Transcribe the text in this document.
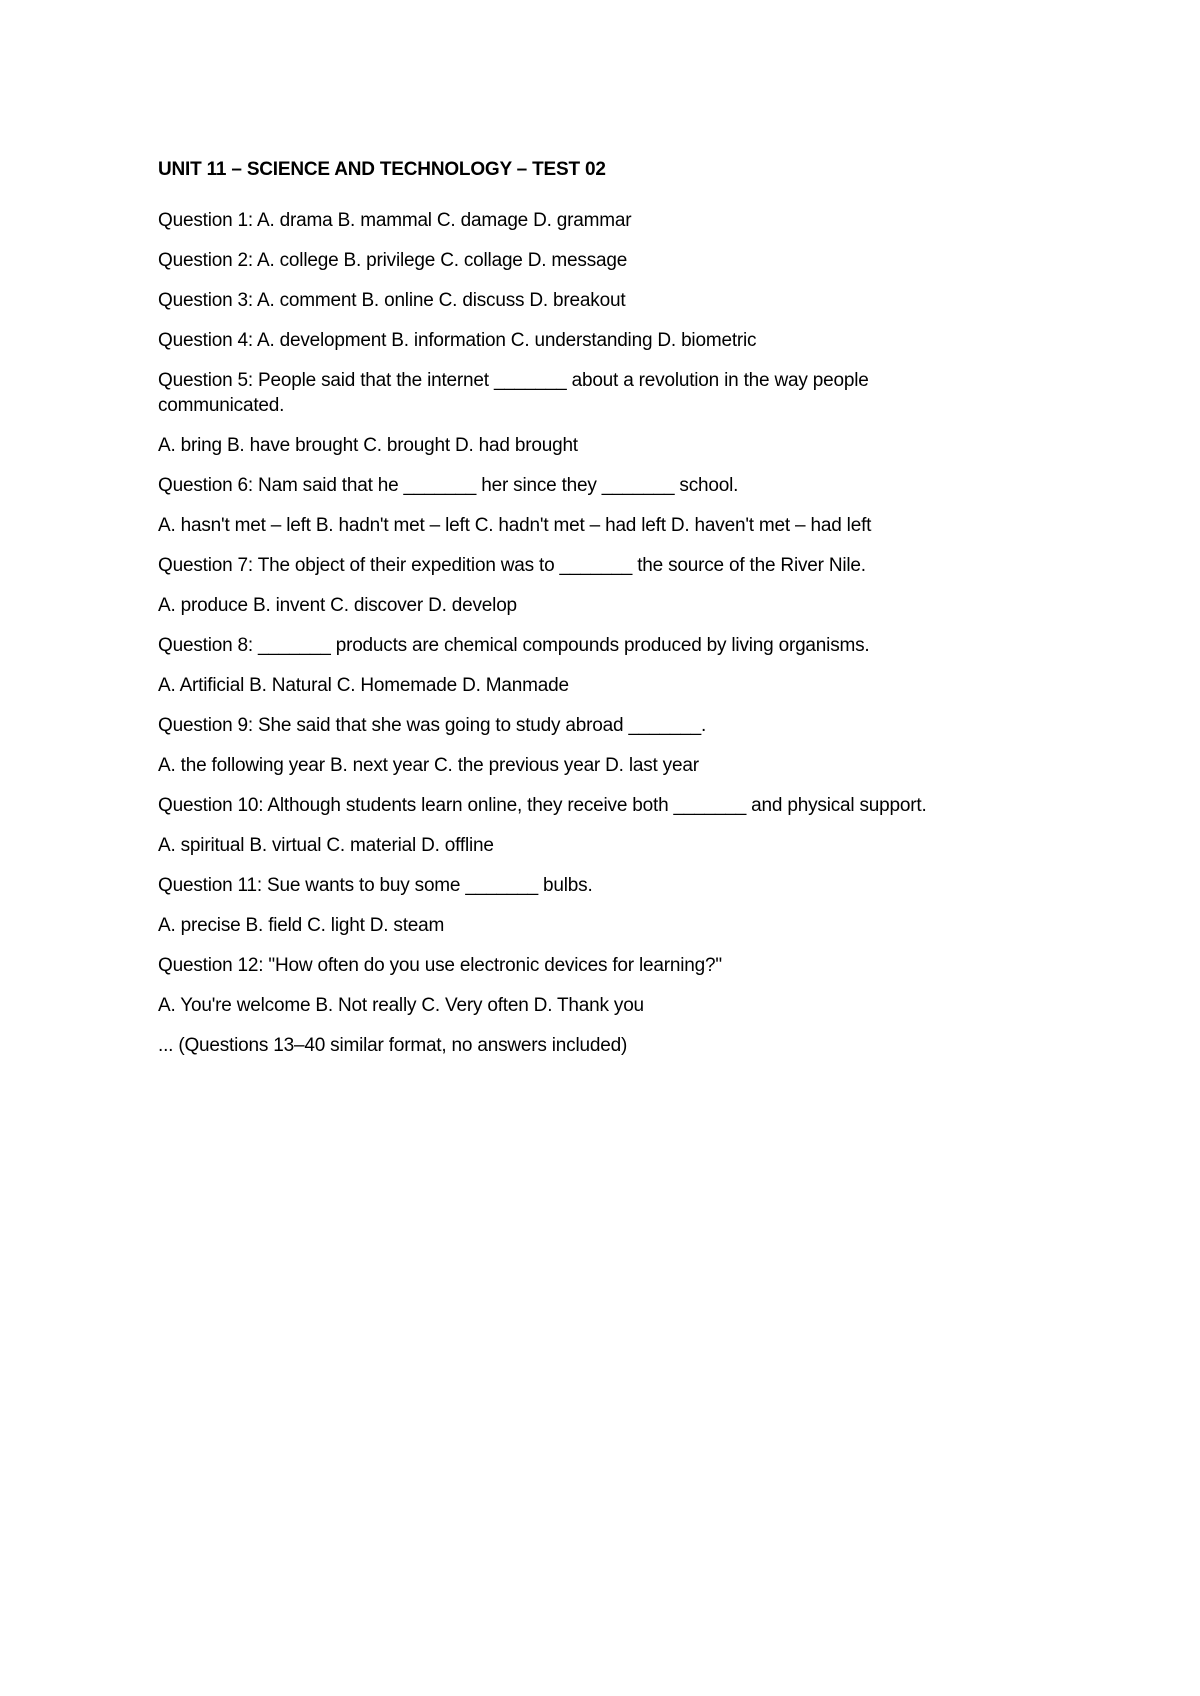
UNIT 11 – SCIENCE AND TECHNOLOGY – TEST 02
Question 1: A. drama B. mammal C. damage D. grammar
Question 2: A. college B. privilege C. collage D. message
Question 3: A. comment B. online C. discuss D. breakout
Question 4: A. development B. information C. understanding D. biometric
Question 5: People said that the internet _______ about a revolution in the way people communicated.
A. bring B. have brought C. brought D. had brought
Question 6: Nam said that he _______ her since they _______ school.
A. hasn't met – left B. hadn't met – left C. hadn't met – had left D. haven't met – had left
Question 7: The object of their expedition was to _______ the source of the River Nile.
A. produce B. invent C. discover D. develop
Question 8: _______ products are chemical compounds produced by living organisms.
A. Artificial B. Natural C. Homemade D. Manmade
Question 9: She said that she was going to study abroad _______.
A. the following year B. next year C. the previous year D. last year
Question 10: Although students learn online, they receive both _______ and physical support.
A. spiritual B. virtual C. material D. offline
Question 11: Sue wants to buy some _______ bulbs.
A. precise B. field C. light D. steam
Question 12: "How often do you use electronic devices for learning?"
A. You're welcome B. Not really C. Very often D. Thank you
... (Questions 13–40 similar format, no answers included)
